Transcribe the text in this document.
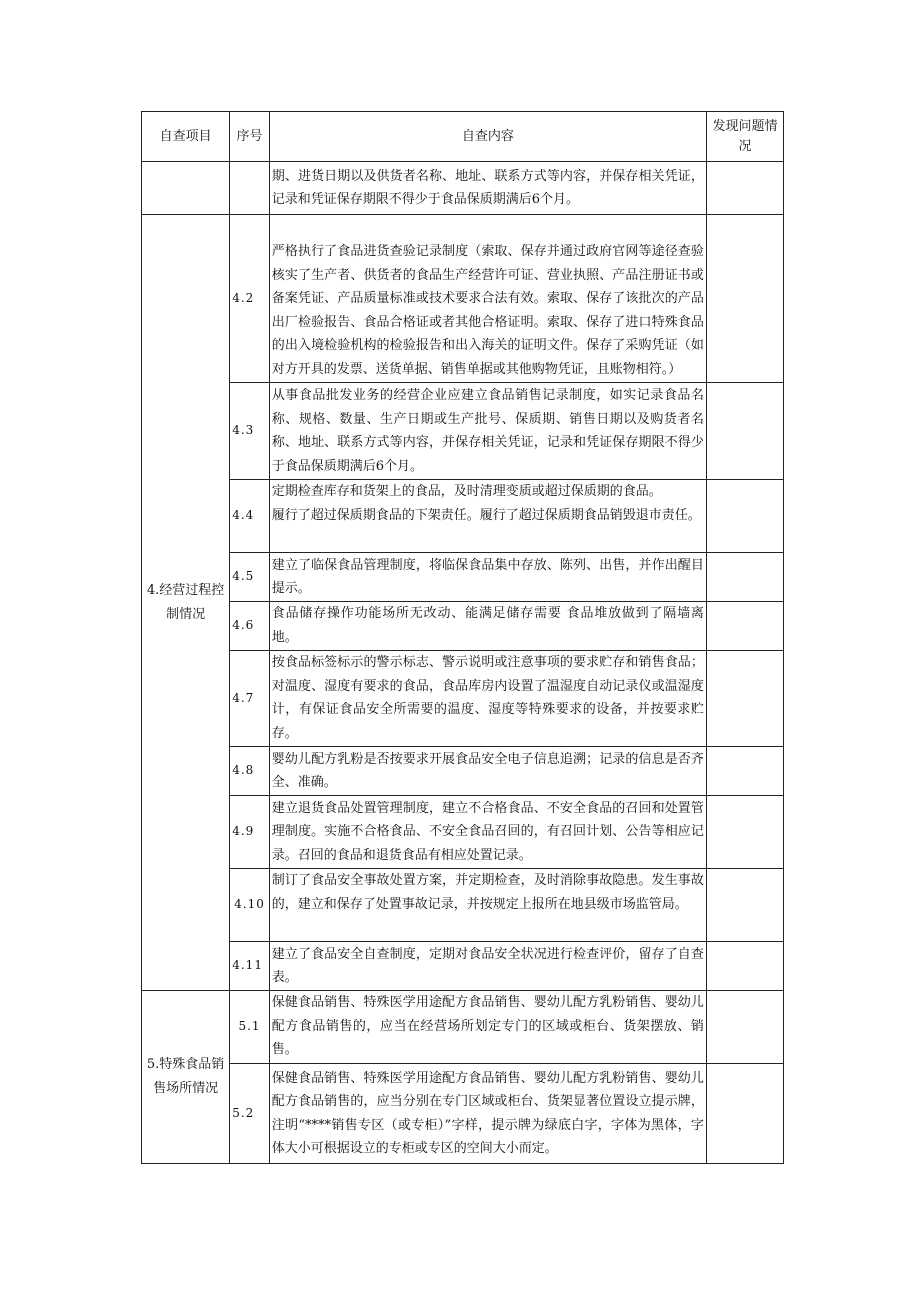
自查项目	序号	自查内容	发现问题情况
		期、进货日期以及供货者名称、地址、联系方式等内容，并保存相关凭证，记录和凭证保存期限不得少于食品保质期满后6个月。	
4.经营过程控制情况	4.2	严格执行了食品进货查验记录制度（索取、保存并通过政府官网等途径查验核实了生产者、供货者的食品生产经营许可证、营业执照、产品注册证书或备案凭证、产品质量标准或技术要求合法有效。索取、保存了该批次的产品出厂检验报告、食品合格证或者其他合格证明。索取、保存了进口特殊食品的出入境检验机构的检验报告和出入海关的证明文件。保存了采购凭证（如对方开具的发票、送货单据、销售单据或其他购物凭证，且账物相符。）	
	4.3	从事食品批发业务的经营企业应建立食品销售记录制度，如实记录食品名称、规格、数量、生产日期或生产批号、保质期、销售日期以及购货者名称、地址、联系方式等内容，并保存相关凭证，记录和凭证保存期限不得少于食品保质期满后6个月。	
	4.4	定期检查库存和货架上的食品，及时清理变质或超过保质期的食品。
履行了超过保质期食品的下架责任。履行了超过保质期食品销毁退市责任。	
	4.5	建立了临保食品管理制度，将临保食品集中存放、陈列、出售，并作出醒目提示。	
	4.6	食品储存操作功能场所无改动、能满足储存需要 食品堆放做到了隔墙离地。	
	4.7	按食品标签标示的警示标志、警示说明或注意事项的要求贮存和销售食品；对温度、湿度有要求的食品，食品库房内设置了温湿度自动记录仪或温湿度计，有保证食品安全所需要的温度、湿度等特殊要求的设备，并按要求贮存。	
	4.8	婴幼儿配方乳粉是否按要求开展食品安全电子信息追溯；记录的信息是否齐全、准确。	
	4.9	建立退货食品处置管理制度，建立不合格食品、不安全食品的召回和处置管理制度。实施不合格食品、不安全食品召回的，有召回计划、公告等相应记录。召回的食品和退货食品有相应处置记录。	
	4.10	制订了食品安全事故处置方案，并定期检查，及时消除事故隐患。发生事故的，建立和保存了处置事故记录，并按规定上报所在地县级市场监管局。	
	4.11	建立了食品安全自查制度，定期对食品安全状况进行检查评价，留存了自查表。	
5.特殊食品销售场所情况	5.1	保健食品销售、特殊医学用途配方食品销售、婴幼儿配方乳粉销售、婴幼儿配方食品销售的，应当在经营场所划定专门的区域或柜台、货架摆放、销售。	
	5.2	保健食品销售、特殊医学用途配方食品销售、婴幼儿配方乳粉销售、婴幼儿配方食品销售的，应当分别在专门区域或柜台、货架显著位置设立提示牌，注明“****销售专区（或专柜）”字样，提示牌为绿底白字，字体为黑体，字体大小可根据设立的专柜或专区的空间大小而定。	
